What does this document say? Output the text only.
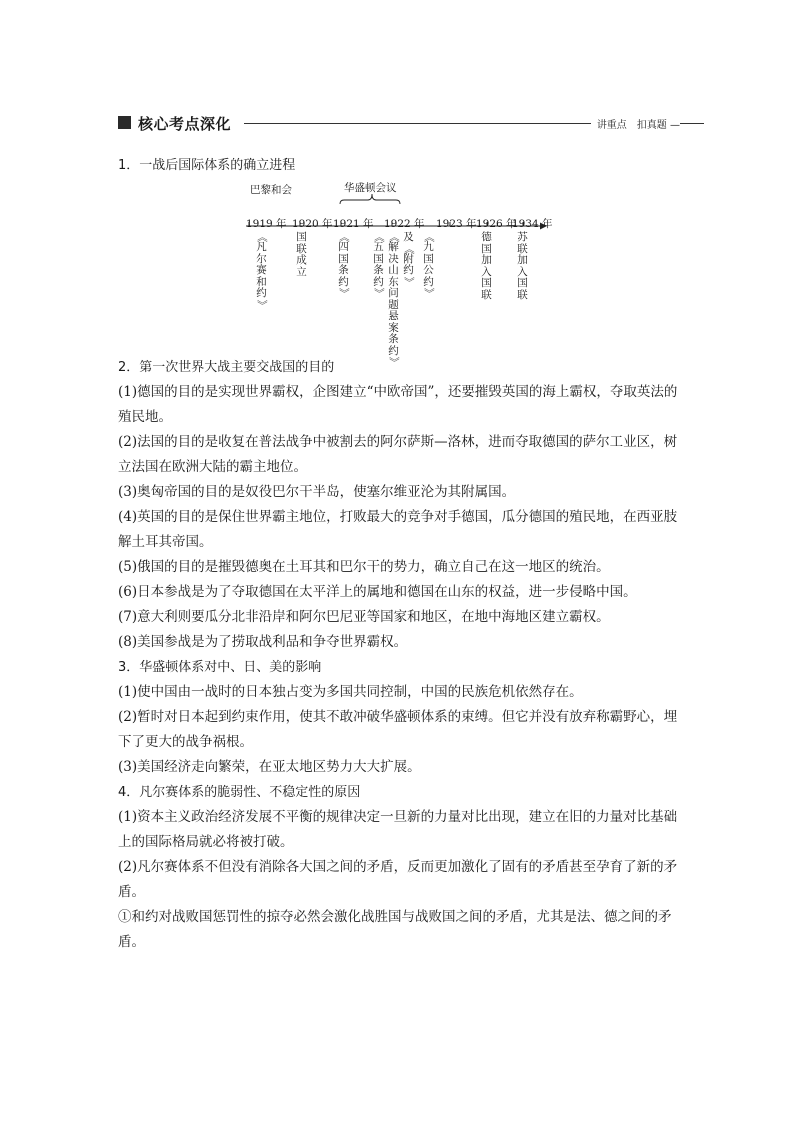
核心考点深化	讲重点　扣真题 —
1．一战后国际体系的确立进程
巴黎和会	华盛顿会议
1919 年 1920 年 1921 年 1922 年 1923 年 1926 年
1934 年
《
凡
尔
赛
和
约
》
国
联
成
立
《
四
国
条
约
》
《
五
国
条
约
》
《
解
决
山
东
问
题
悬
案
条
约
》
及
《
附
约
》
《
九
国
公
约
》
德
国
加
入
国
联
苏
联
加
入
国
联
2．第一次世界大战主要交战国的目的

(1)德国的目的是实现世界霸权，企图建立“中欧帝国”，还要摧毁英国的海上霸权，夺取英法的殖民地。

(2)法国的目的是收复在普法战争中被割去的阿尔萨斯—洛林，进而夺取德国的萨尔工业区，树立法国在欧洲大陆的霸主地位。

(3)奥匈帝国的目的是奴役巴尔干半岛，使塞尔维亚沦为其附属国。

(4)英国的目的是保住世界霸主地位，打败最大的竞争对手德国，瓜分德国的殖民地，在西亚肢解土耳其帝国。

(5)俄国的目的是摧毁德奥在土耳其和巴尔干的势力，确立自己在这一地区的统治。

(6)日本参战是为了夺取德国在太平洋上的属地和德国在山东的权益，进一步侵略中国。

(7)意大利则要瓜分北非沿岸和阿尔巴尼亚等国家和地区，在地中海地区建立霸权。

(8)美国参战是为了捞取战利品和争夺世界霸权。

3．华盛顿体系对中、日、美的影响

(1)使中国由一战时的日本独占变为多国共同控制，中国的民族危机依然存在。

(2)暂时对日本起到约束作用，使其不敢冲破华盛顿体系的束缚。但它并没有放弃称霸野心，埋下了更大的战争祸根。

(3)美国经济走向繁荣，在亚太地区势力大大扩展。

4．凡尔赛体系的脆弱性、不稳定性的原因

(1)资本主义政治经济发展不平衡的规律决定一旦新的力量对比出现，建立在旧的力量对比基础上的国际格局就必将被打破。

(2)凡尔赛体系不但没有消除各大国之间的矛盾，反而更加激化了固有的矛盾甚至孕育了新的矛盾。

①和约对战败国惩罚性的掠夺必然会激化战胜国与战败国之间的矛盾，尤其是法、德之间的矛盾。
